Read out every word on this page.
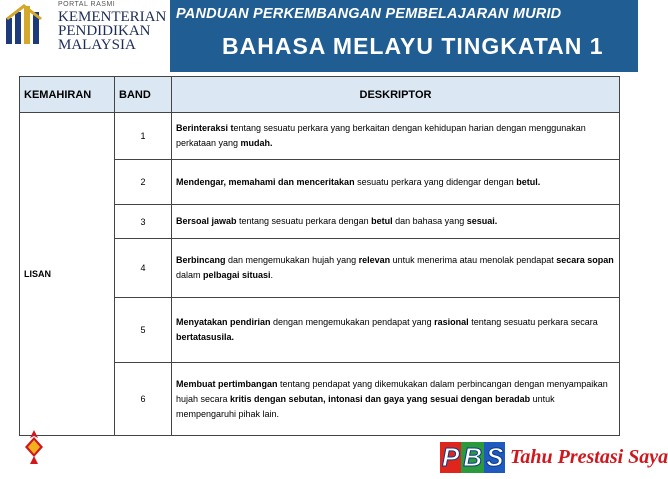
PORTAL RASMI
KEMENTERIAN
PENDIDIKAN
MALAYSIA
PANDUAN PERKEMBANGAN PEMBELAJARAN MURID
BAHASA MELAYU TINGKATAN 1
KEMAHIRAN	BAND	DESKRIPTOR
LISAN	1	Berinteraksi tentang sesuatu perkara yang berkaitan dengan kehidupan harian dengan menggunakan perkataan yang mudah.
	2	Mendengar, memahami dan menceritakan sesuatu perkara yang didengar dengan betul.
	3	Bersoal jawab tentang sesuatu perkara dengan betul dan bahasa yang sesuai.
	4	Berbincang dan mengemukakan hujah yang relevan untuk menerima atau menolak pendapat secara sopan dalam pelbagai situasi.
	5	Menyatakan pendirian dengan mengemukakan pendapat yang rasional tentang sesuatu perkara secara bertatasusila.
	6	Membuat pertimbangan tentang pendapat yang dikemukakan dalam perbincangan dengan menyampaikan hujah secara kritis dengan sebutan, intonasi dan gaya yang sesuai dengan beradab untuk mempengaruhi pihak lain.
P B S Tahu Prestasi Saya
